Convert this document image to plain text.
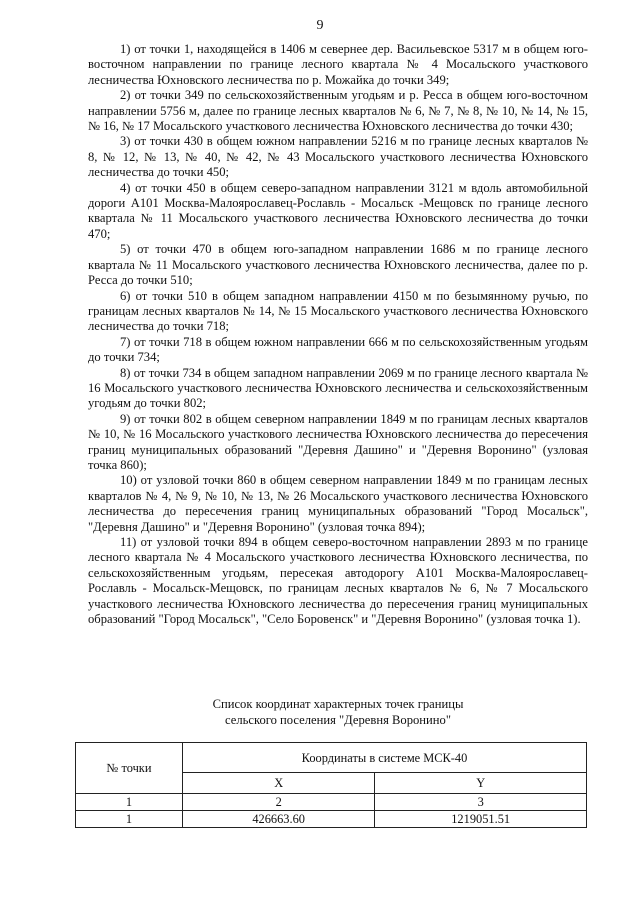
9

1) от точки 1, находящейся в 1406 м севернее дер. Васильевское 5317 м в общем юго-восточном направлении по границе лесного квартала № 4 Мосальского участкового лесничества Юхновского лесничества по р. Можайка до точки 349;

2) от точки 349 по сельскохозяйственным угодьям и р. Ресса в общем юго-восточном направлении 5756 м, далее по границе лесных кварталов № 6, № 7, № 8, № 10, № 14, № 15, № 16, № 17 Мосальского участкового лесничества Юхновского лесничества до точки 430;

3) от точки 430 в общем южном направлении 5216 м по границе лесных кварталов № 8, № 12, № 13, № 40, № 42, № 43 Мосальского участкового лесничества Юхновского лесничества до точки 450;

4) от точки 450 в общем северо-западном направлении 3121 м вдоль автомобильной дороги А101 Москва-Малоярославец-Рославль - Мосальск -Мещовск по границе лесного квартала № 11 Мосальского участкового лесничества Юхновского лесничества до точки 470;

5) от точки 470 в общем юго-западном направлении 1686 м по границе лесного квартала № 11 Мосальского участкового лесничества Юхновского лесничества, далее по р. Ресса до точки 510;

6) от точки 510 в общем западном направлении 4150 м по безымянному ручью, по границам лесных кварталов № 14, № 15 Мосальского участкового лесничества Юхновского лесничества до точки 718;

7) от точки 718 в общем южном направлении 666 м по сельскохозяйственным угодьям до точки 734;

8) от точки 734 в общем западном направлении 2069 м по границе лесного квартала № 16 Мосальского участкового лесничества Юхновского лесничества и сельскохозяйственным угодьям до точки 802;

9) от точки 802 в общем северном направлении 1849 м по границам лесных кварталов № 10, № 16 Мосальского участкового лесничества Юхновского лесничества до пересечения границ муниципальных образований "Деревня Дашино" и "Деревня Воронино" (узловая точка 860);

10) от узловой точки 860 в общем северном направлении 1849 м по границам лесных кварталов № 4, № 9, № 10, № 13, № 26 Мосальского участкового лесничества Юхновского лесничества до пересечения границ муниципальных образований "Город Мосальск", "Деревня Дашино" и "Деревня Воронино" (узловая точка 894);

11) от узловой точки 894 в общем северо-восточном направлении 2893 м по границе лесного квартала № 4 Мосальского участкового лесничества Юхновского лесничества, по сельскохозяйственным угодьям, пересекая автодорогу А101 Москва-Малоярославец-Рославль - Мосальск-Мещовск, по границам лесных кварталов № 6, № 7 Мосальского участкового лесничества Юхновского лесничества до пересечения границ муниципальных образований "Город Мосальск", "Село Боровенск" и "Деревня Воронино" (узловая точка 1).

Список координат характерных точек границы
сельского поселения "Деревня Воронино"
№ точки	Координаты в системе МСК-40	
	X	Y
1	2	3
1	426663.60	1219051.51
